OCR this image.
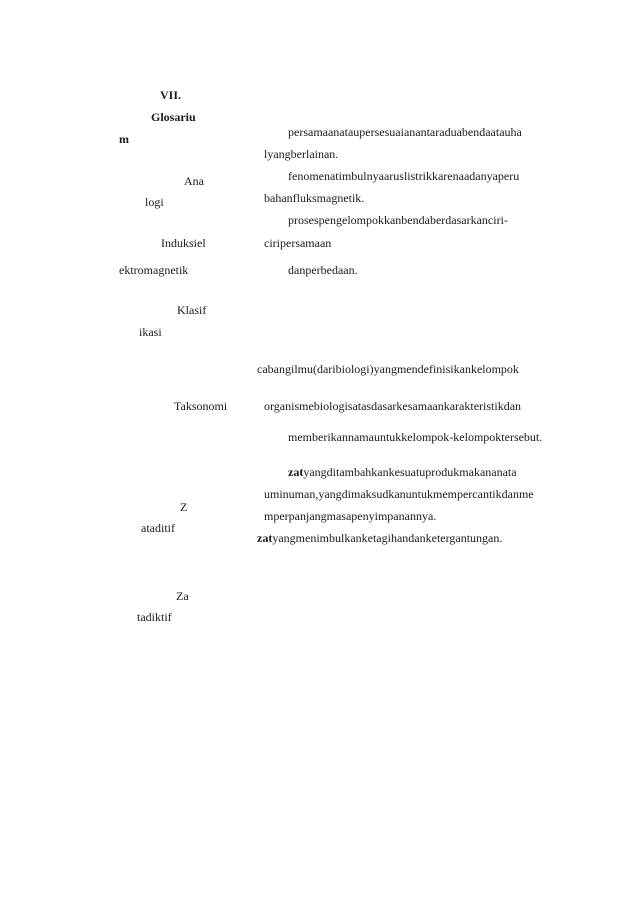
VII.
Glosariu
m
Ana
logi
Induksiel
ektromagnetik
Klasif
ikasi
Taksonomi
Z
ataditif
Za
tadiktif
persamaanataupersesuaianantaraduabendaatauha
lyangberlainan.
fenomenatimbulnyaaruslistrikkarenaadanyaperu
bahanfluksmagnetik.
prosespengelompokkanbendaberdasarkanciri-
ciripersamaan
danperbedaan.
cabangilmu(daribiologi)yangmendefinisikankelompok
organismebiologisatasdasarkesamaankarakteristikdan
memberikannamauntukkelompok-kelompoktersebut.
zatyangditambahkankesuatuprodukmakananata
uminuman,yangdimaksudkanuntukmempercantikdanme
mperpanjangmasapenyimpanannya.
zatyangmenimbulkanketagihandanketergantungan.
